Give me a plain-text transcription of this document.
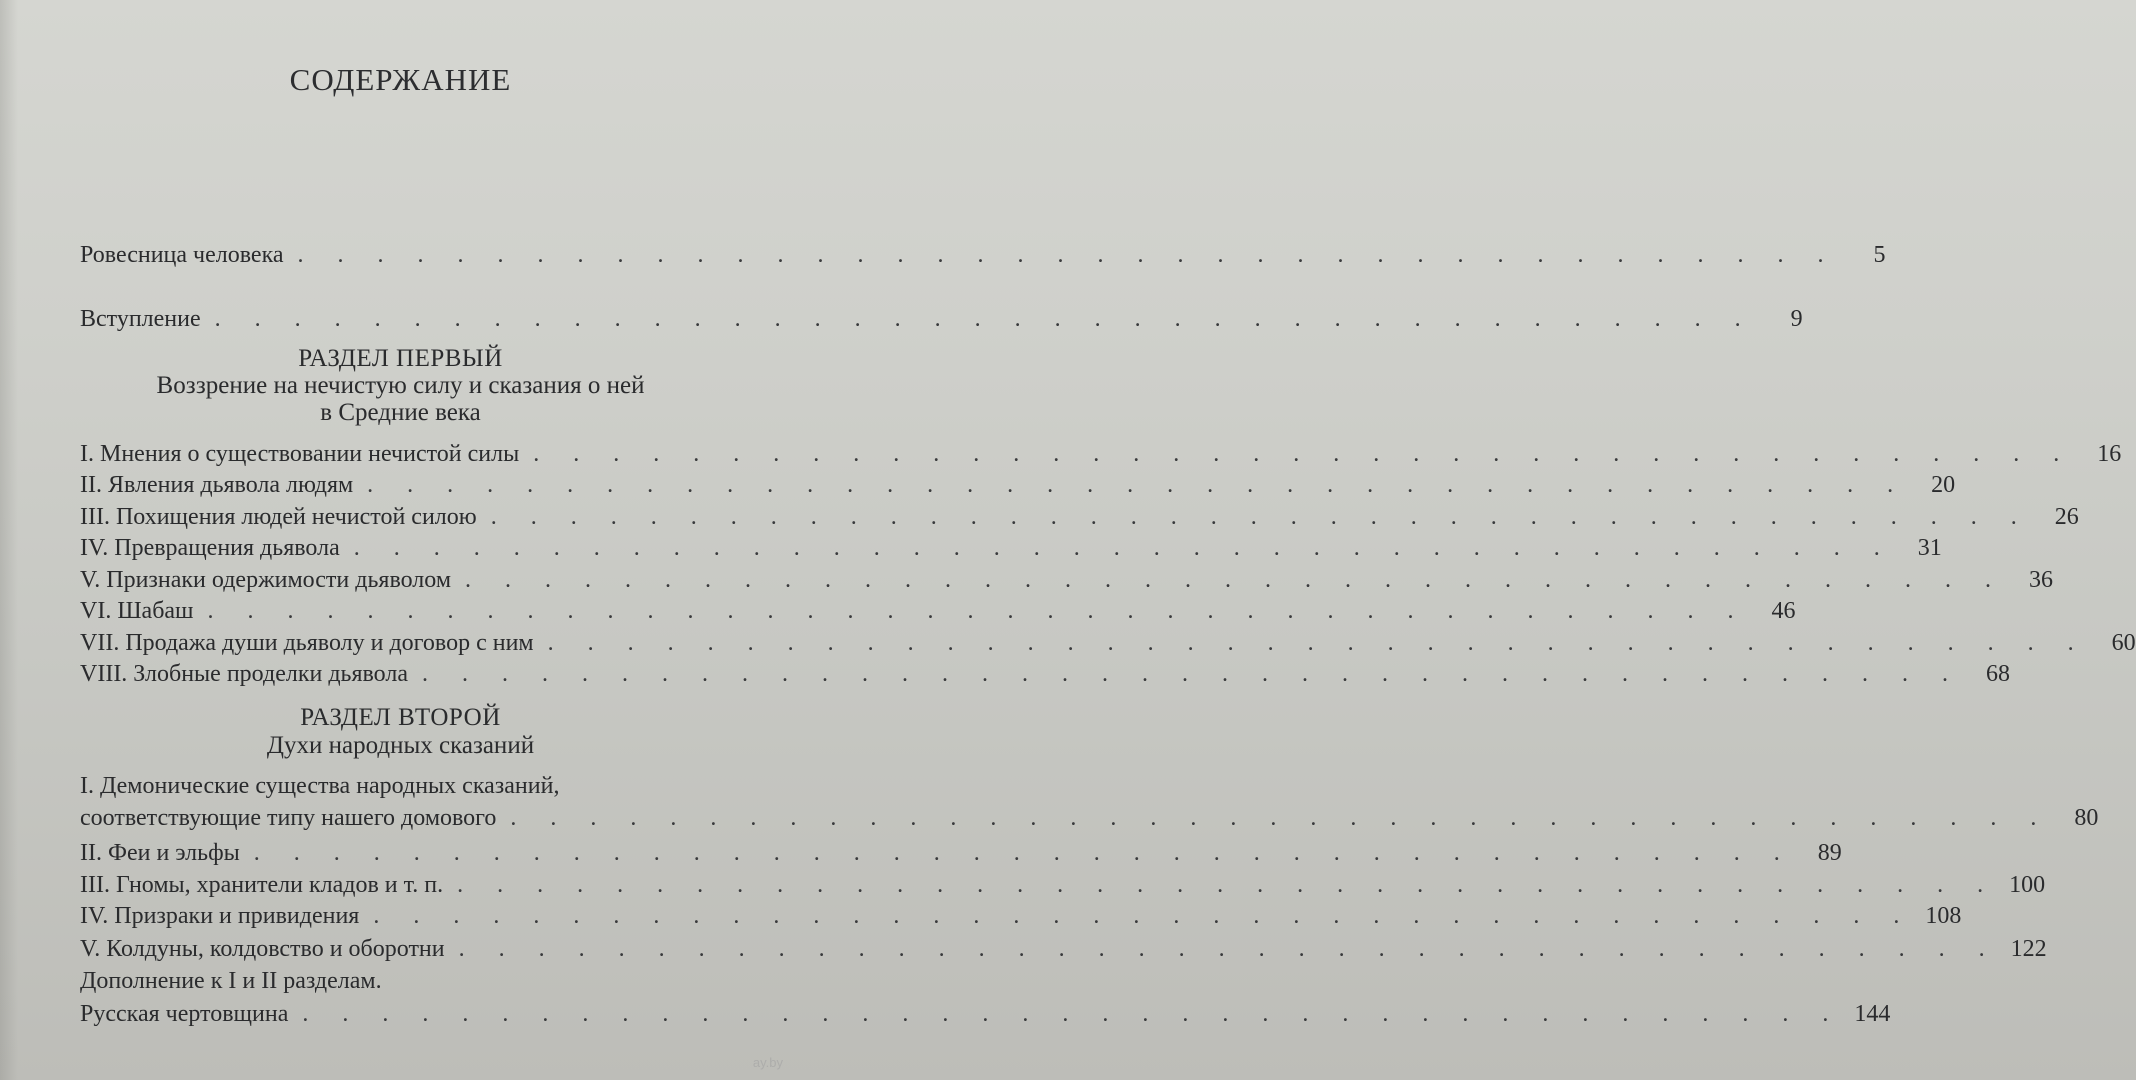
СОДЕРЖАНИЕ
Ровесница человека . . . . . . . . . . . . . . . . . . . . . . . . . . . . . . . . . . . . . . .	5
Вступление . . . . . . . . . . . . . . . . . . . . . . . . . . . . . . . . . . . . . . .	9
РАЗДЕЛ ПЕРВЫЙ
Воззрение на нечистую силу и сказания о ней
в Средние века
I. Мнения о существовании нечистой силы . . . . . . . . . . . . . . . . . . . . . . . . . . . . . . . . . . . . . . .	16
II. Явления дьявола людям . . . . . . . . . . . . . . . . . . . . . . . . . . . . . . . . . . . . . . .	20
III. Похищения людей нечистой силою . . . . . . . . . . . . . . . . . . . . . . . . . . . . . . . . . . . . . . .	26
IV. Превращения дьявола . . . . . . . . . . . . . . . . . . . . . . . . . . . . . . . . . . . . . . .	31
V. Признаки одержимости дьяволом . . . . . . . . . . . . . . . . . . . . . . . . . . . . . . . . . . . . . . .	36
VI. Шабаш . . . . . . . . . . . . . . . . . . . . . . . . . . . . . . . . . . . . . . .	46
VII. Продажа души дьяволу и договор с ним . . . . . . . . . . . . . . . . . . . . . . . . . . . . . . . . . . . . . . .	60
VIII. Злобные проделки дьявола . . . . . . . . . . . . . . . . . . . . . . . . . . . . . . . . . . . . . . .	68
РАЗДЕЛ ВТОРОЙ
Духи народных сказаний
I. Демонические существа народных сказаний,
соответствующие типу нашего домового . . . . . . . . . . . . . . . . . . . . . . . . . . . . . . . . . . . . . . .	80
II. Феи и эльфы . . . . . . . . . . . . . . . . . . . . . . . . . . . . . . . . . . . . . . .	89
III. Гномы, хранители кладов и т. п. . . . . . . . . . . . . . . . . . . . . . . . . . . . . . . . . . . . . . . . 100
IV. Призраки и привидения . . . . . . . . . . . . . . . . . . . . . . . . . . . . . . . . . . . . . . . 108
V. Колдуны, колдовство и оборотни . . . . . . . . . . . . . . . . . . . . . . . . . . . . . . . . . . . . . . . 122
Дополнение к I и II разделам.
Русская чертовщина . . . . . . . . . . . . . . . . . . . . . . . . . . . . . . . . . . . . . . . 144
ay.by
